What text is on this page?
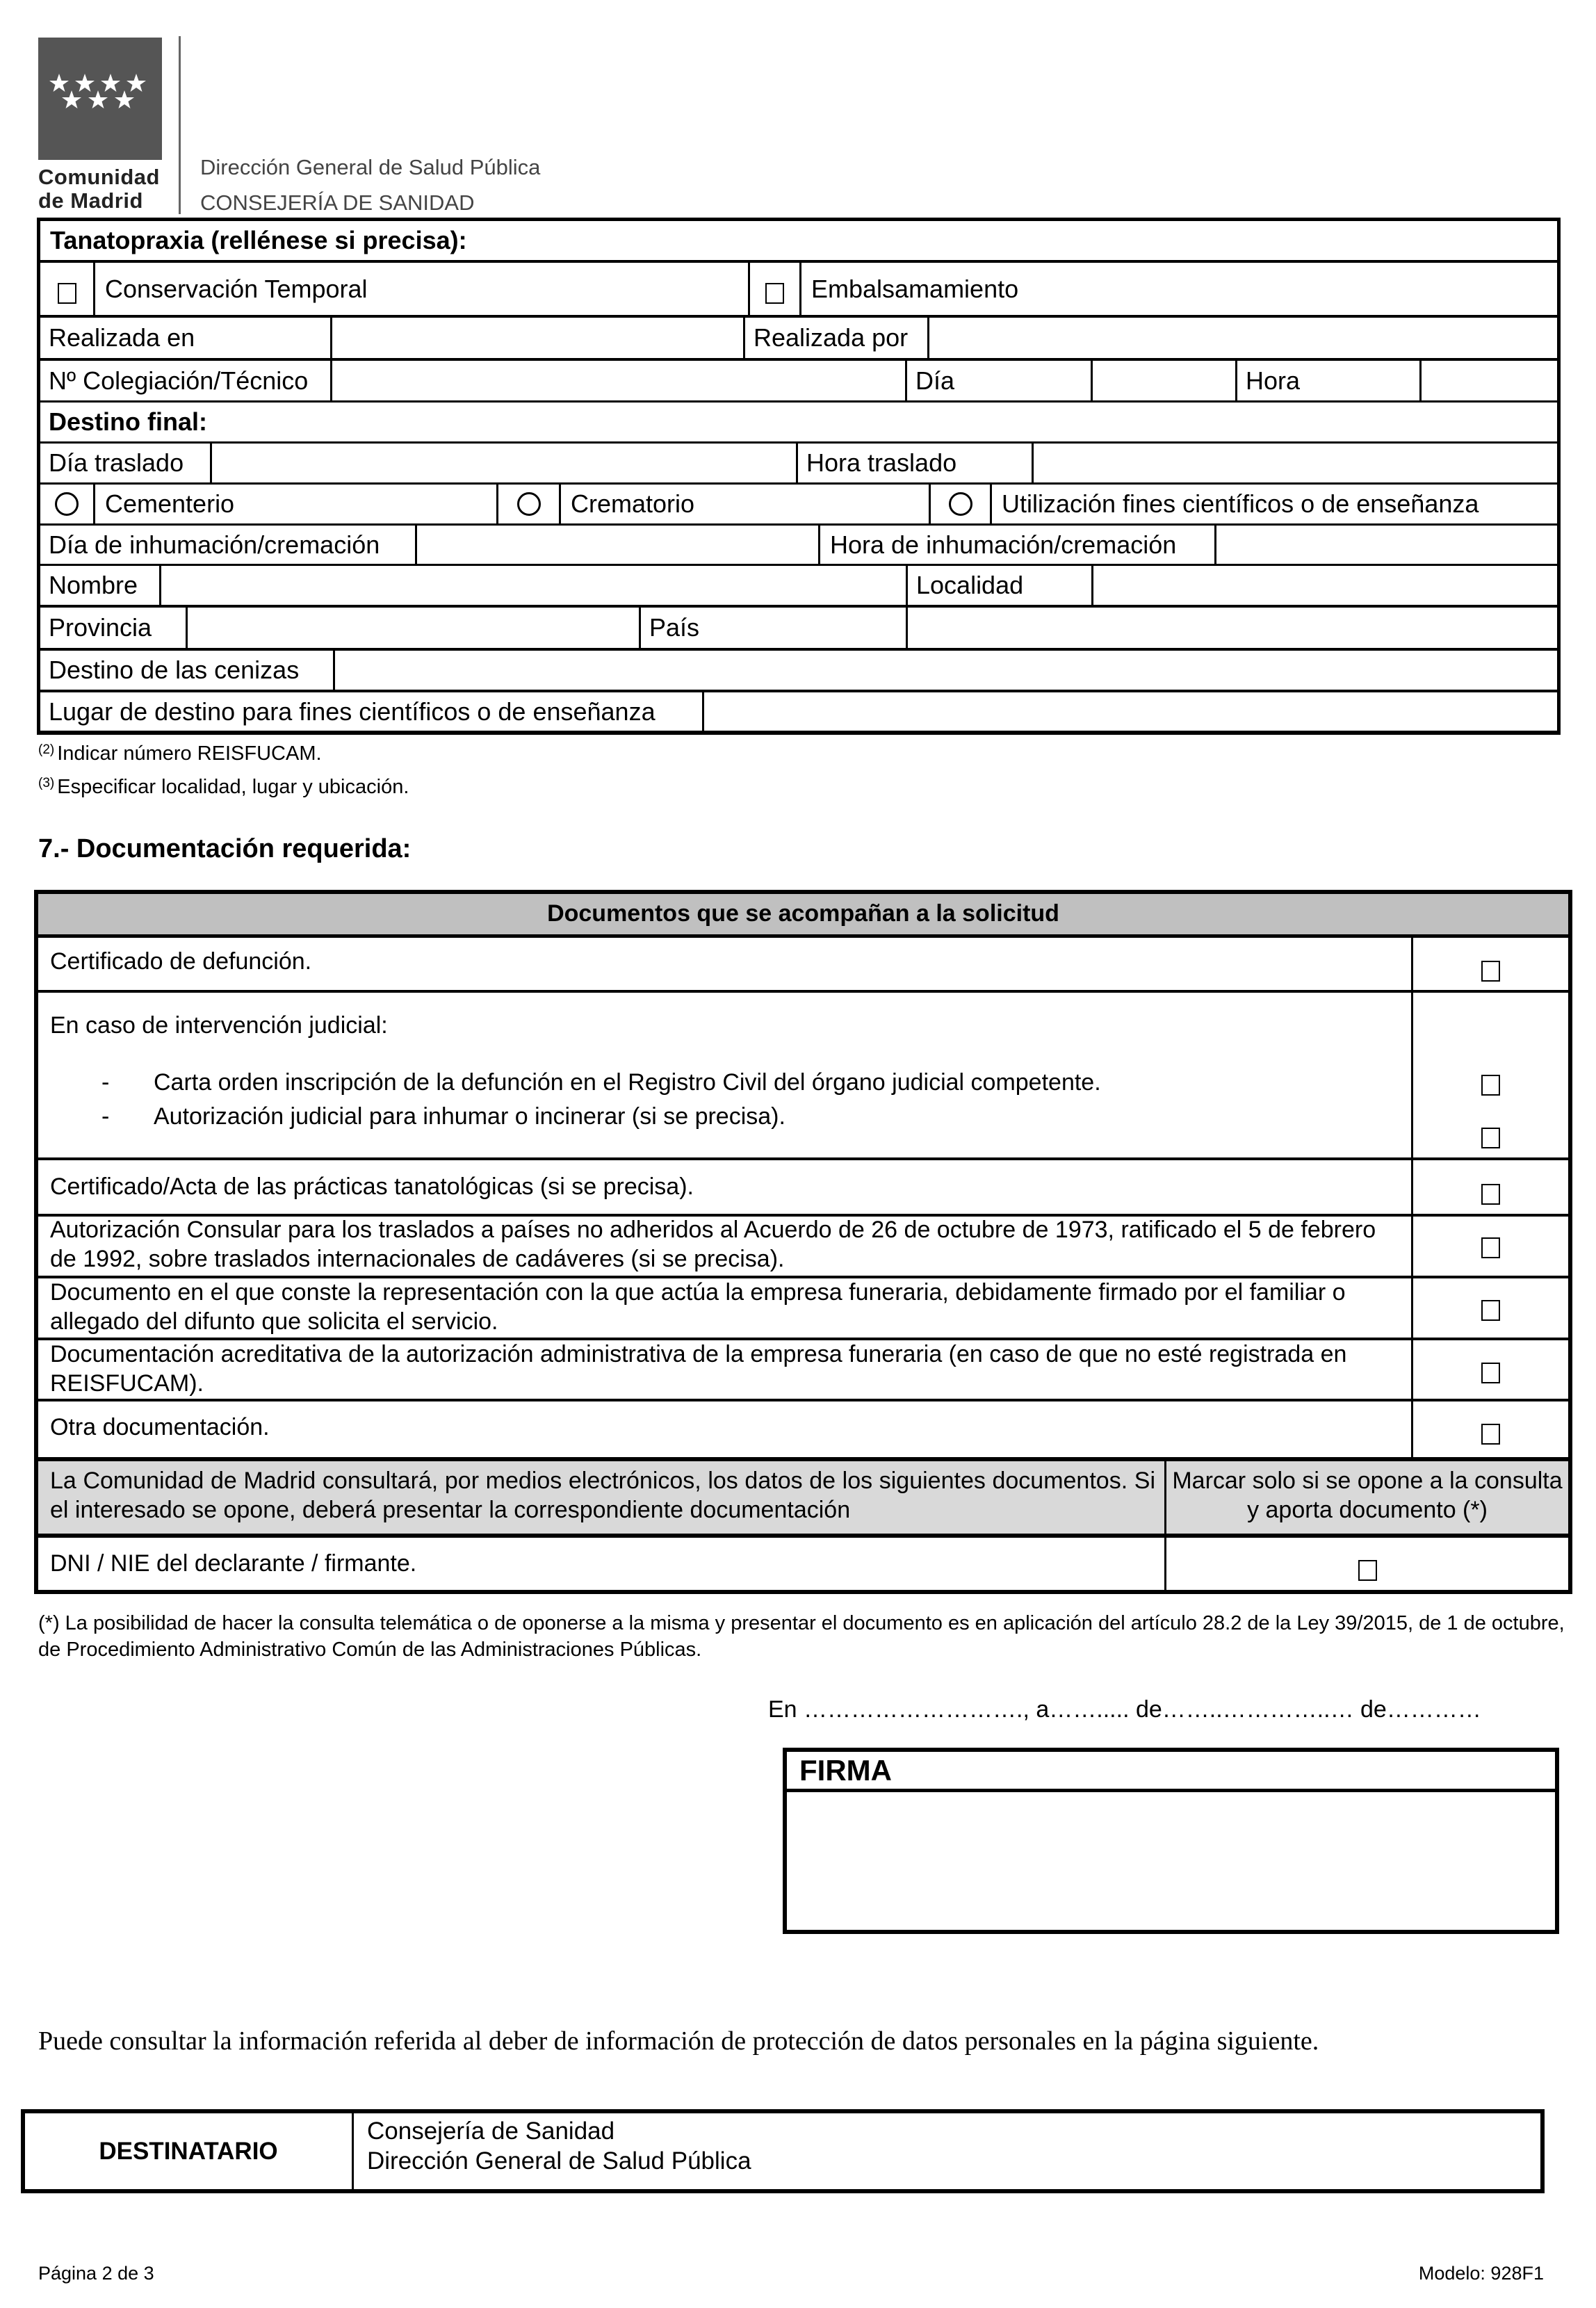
Comunidad
de Madrid
Dirección General de Salud Pública
CONSEJERÍA DE SANIDAD
Tanatopraxia (rellénese si precisa):
Conservación Temporal	Embalsamamiento
Realizada en	Realizada por
Nº Colegiación/Técnico	Día	Hora
Destino final:
Día traslado	Hora traslado
Cementerio	Crematorio	Utilización fines científicos o de enseñanza
Día de inhumación/cremación	Hora de inhumación/cremación
Nombre	Localidad
Provincia	País
Destino de las cenizas
Lugar de destino para fines científicos o de enseñanza
$^{(2)}$ Indicar número REISFUCAM.
$^{(3)}$ Especificar localidad, lugar y ubicación.
7.- Documentación requerida:
Documentos que se acompañan a la solicitud
Certificado de defunción.
En caso de intervención judicial:
-	Carta orden inscripción de la defunción en el Registro Civil del órgano judicial competente.
-	Autorización judicial para inhumar o incinerar (si se precisa).
Certificado/Acta de las prácticas tanatológicas (si se precisa).
Autorización Consular para los traslados a países no adheridos al Acuerdo de 26 de octubre de 1973, ratificado el 5 de febrero de 1992, sobre traslados internacionales de cadáveres (si se precisa).
Documento en el que conste la representación con la que actúa la empresa funeraria, debidamente firmado por el familiar o allegado del difunto que solicita el servicio.
Documentación acreditativa de la autorización administrativa de la empresa funeraria (en caso de que no esté registrada en REISFUCAM).
Otra documentación.
La Comunidad de Madrid consultará, por medios electrónicos, los datos de los siguientes documentos. Si el interesado se opone, deberá presentar la correspondiente documentación
Marcar solo si se opone a la consulta y aporta documento (*)
DNI / NIE del declarante / firmante.
(*) La posibilidad de hacer la consulta telemática o de oponerse a la misma y presentar el documento es en aplicación del artículo 28.2 de la Ley 39/2015, de 1 de octubre, de Procedimiento Administrativo Común de las Administraciones Públicas.
En ………………………., a……..... de……..…………..… de…………
FIRMA
Puede consultar la información referida al deber de información de protección de datos personales en la página siguiente.
DESTINATARIO
Consejería de Sanidad
Dirección General de Salud Pública
Página 2 de 3	Modelo: 928F1
